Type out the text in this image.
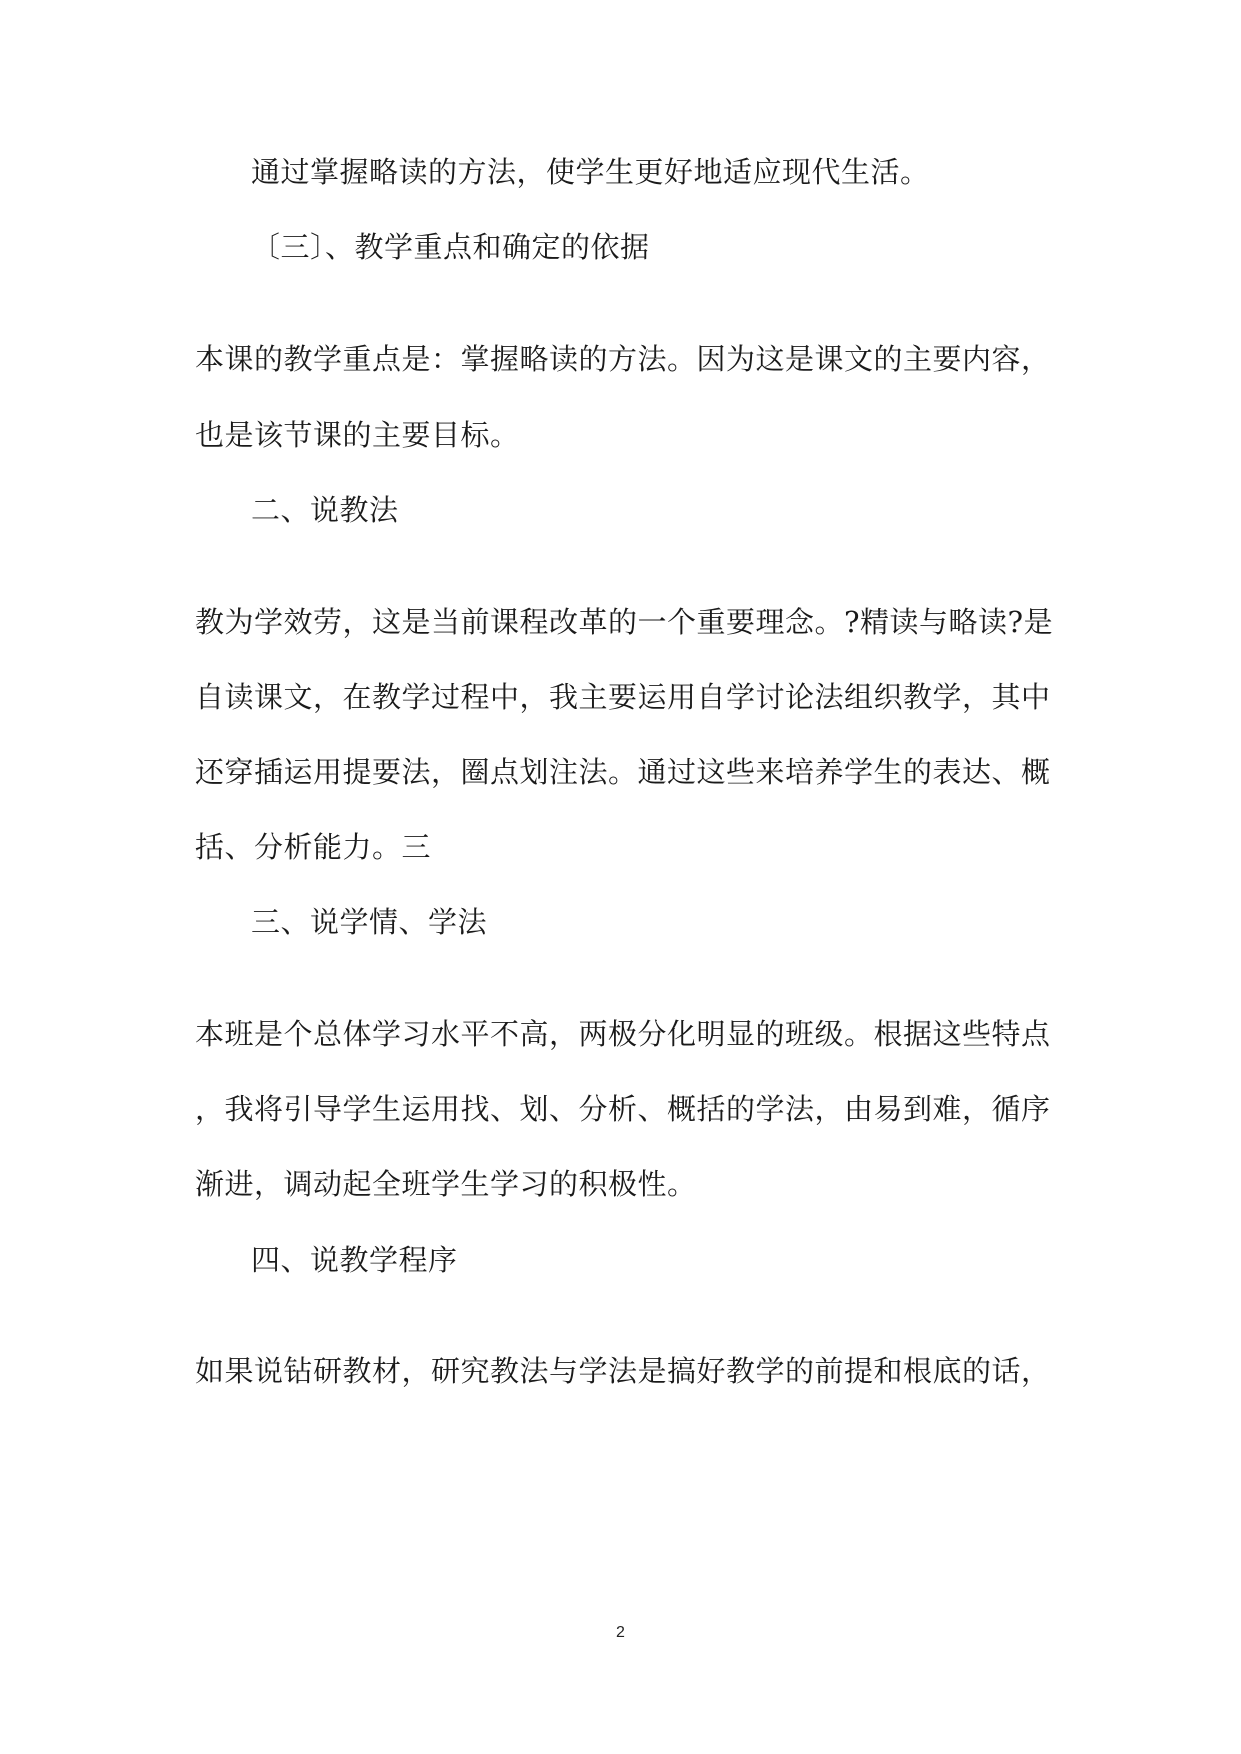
通过掌握略读的方法，使学生更好地适应现代生活。
〔三〕、教学重点和确定的依据
本课的教学重点是：掌握略读的方法。因为这是课文的主要内容，
也是该节课的主要目标。
二、说教法
教为学效劳，这是当前课程改革的一个重要理念。?精读与略读?是
自读课文，在教学过程中，我主要运用自学讨论法组织教学，其中
还穿插运用提要法，圈点划注法。通过这些来培养学生的表达、概
括、分析能力。三
三、说学情、学法
本班是个总体学习水平不高，两极分化明显的班级。根据这些特点
，我将引导学生运用找、划、分析、概括的学法，由易到难，循序
渐进，调动起全班学生学习的积极性。
四、说教学程序
如果说钻研教材，研究教法与学法是搞好教学的前提和根底的话，
2
